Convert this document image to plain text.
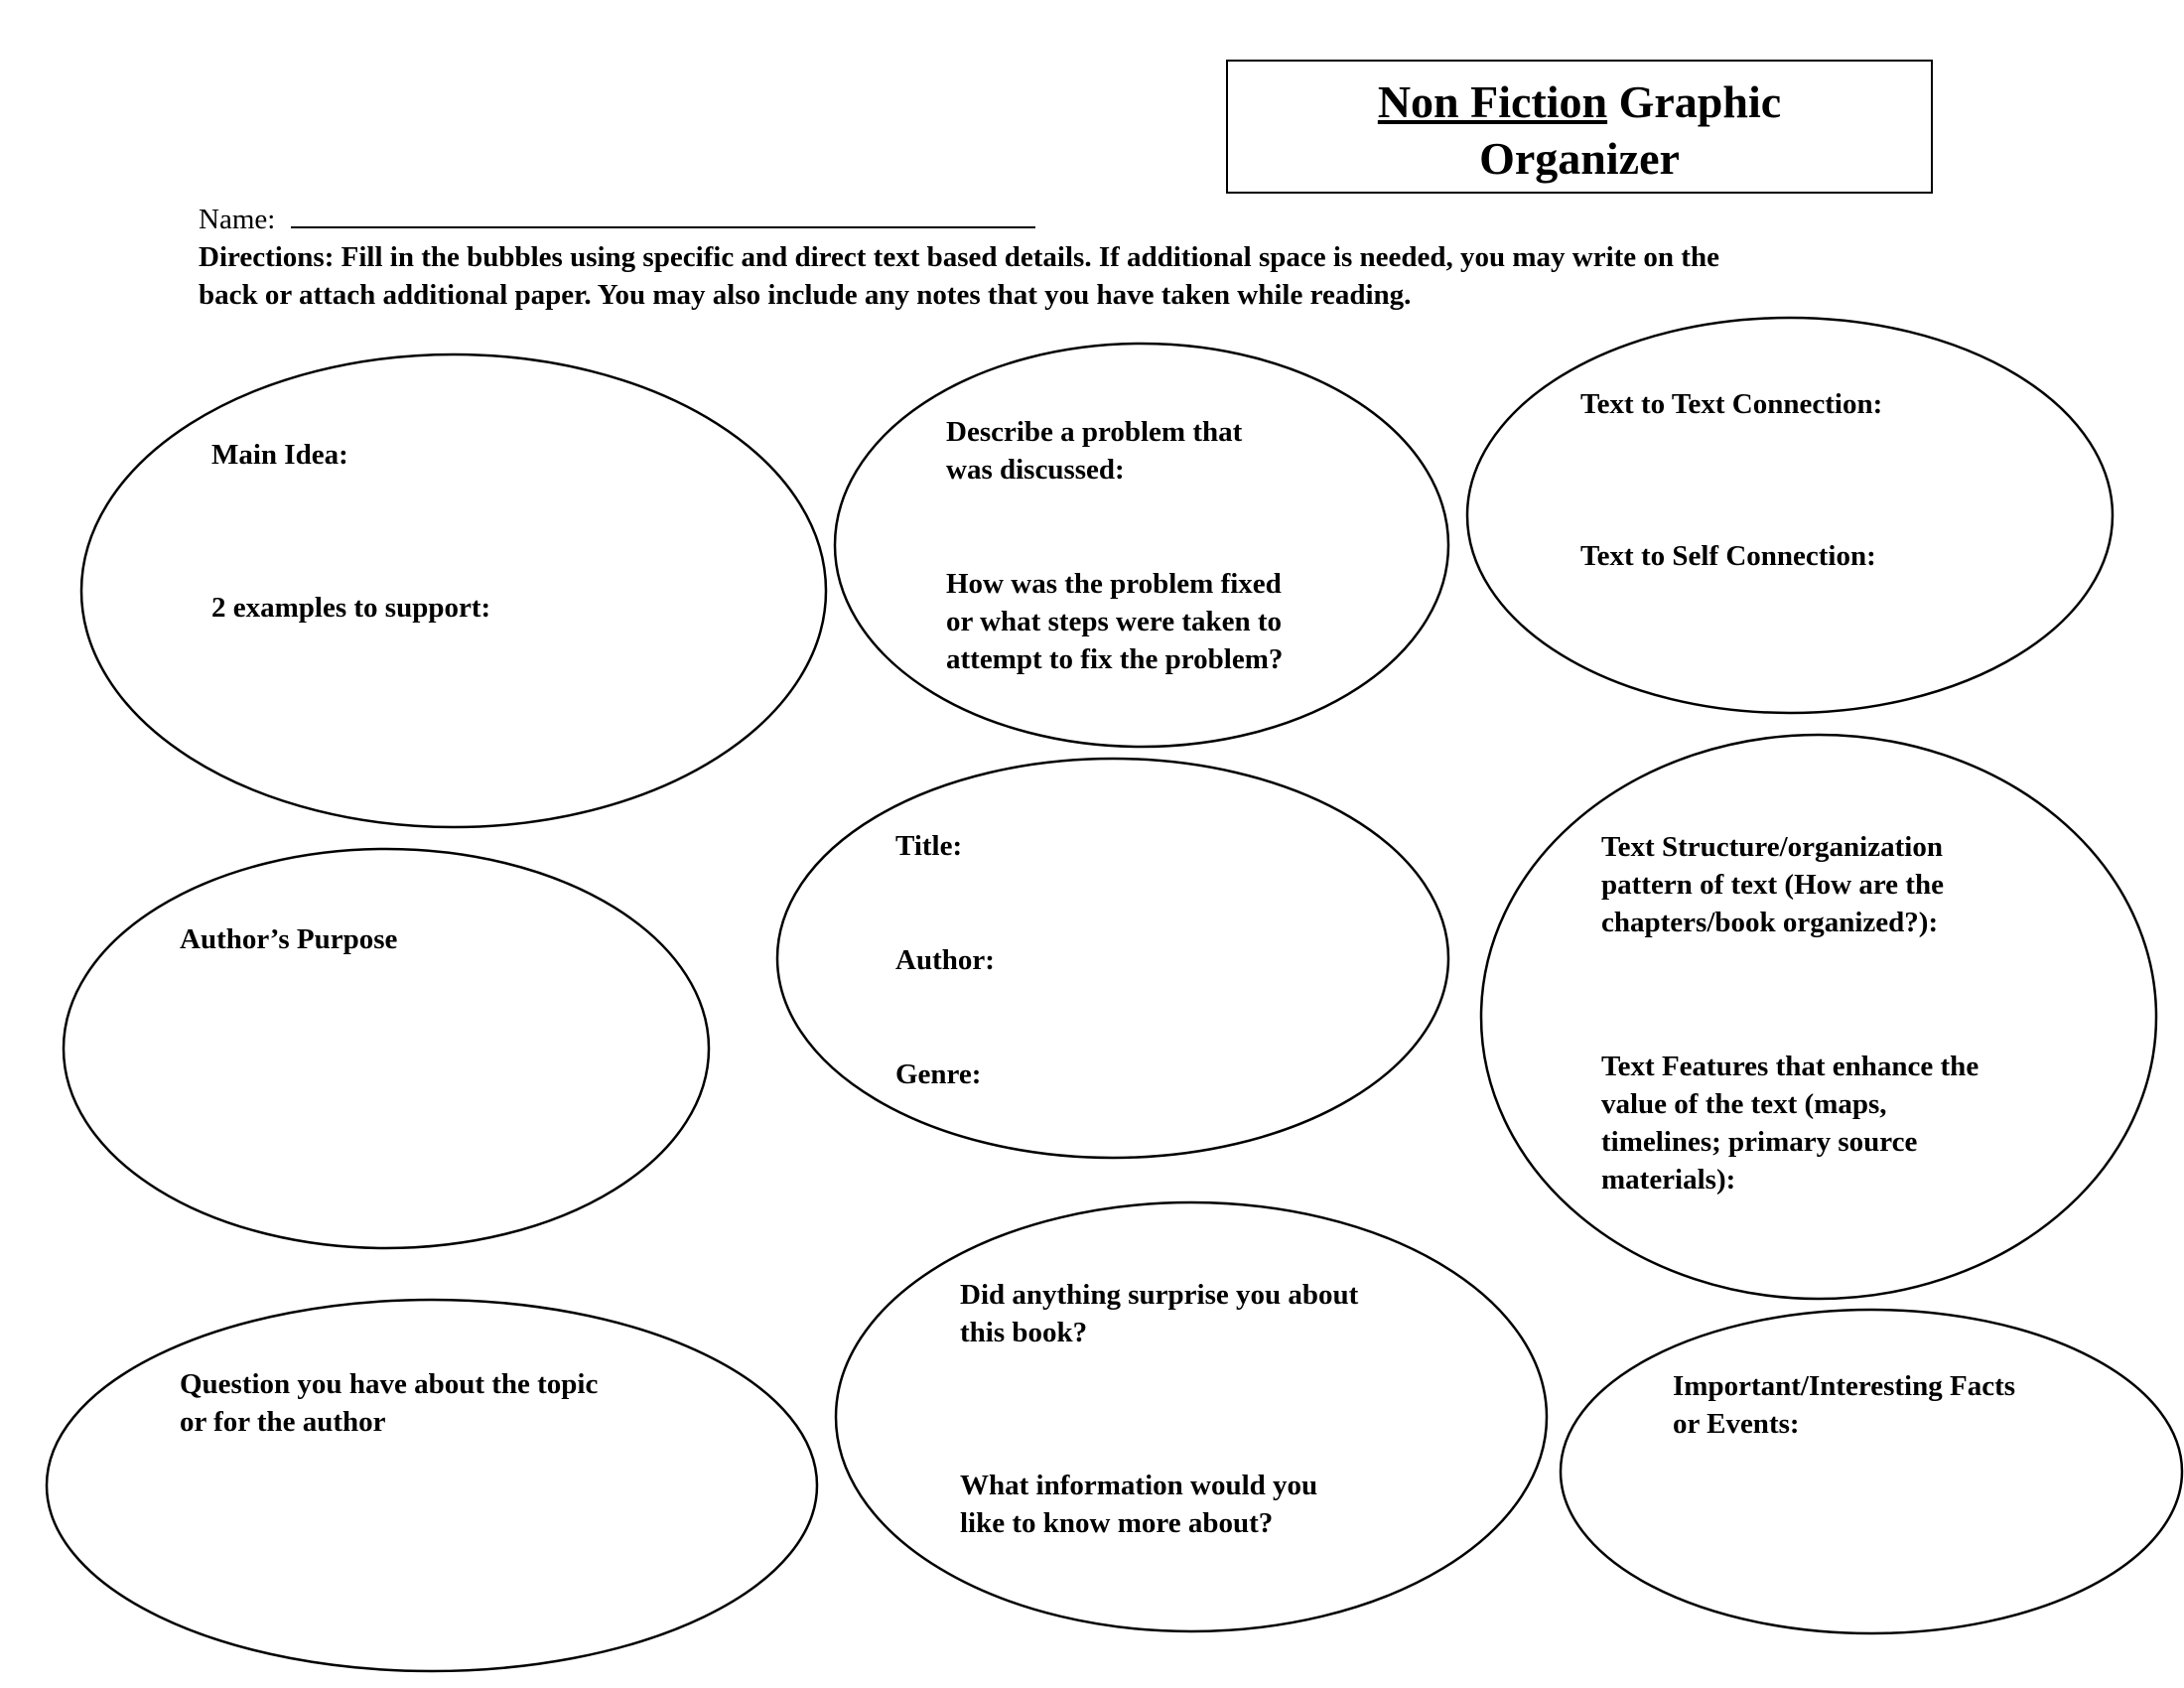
Non Fiction Graphic
Organizer
Name:
Directions: Fill in the bubbles using specific and direct text based details. If additional space is needed, you may write on the
back or attach additional paper. You may also include any notes that you have taken while reading.
Main Idea:
2 examples to support:
Describe a problem that
was discussed:
How was the problem fixed
or what steps were taken to
attempt to fix the problem?
Text to Text Connection:
Text to Self Connection:
Author’s Purpose
Title:
Author:
Genre:
Text Structure/organization
pattern of text (How are the
chapters/book organized?):
Text Features that enhance the
value of the text (maps,
timelines; primary source
materials):
Question you have about the topic
or for the author
Did anything surprise you about
this book?
What information would you
like to know more about?
Important/Interesting Facts
or Events:
